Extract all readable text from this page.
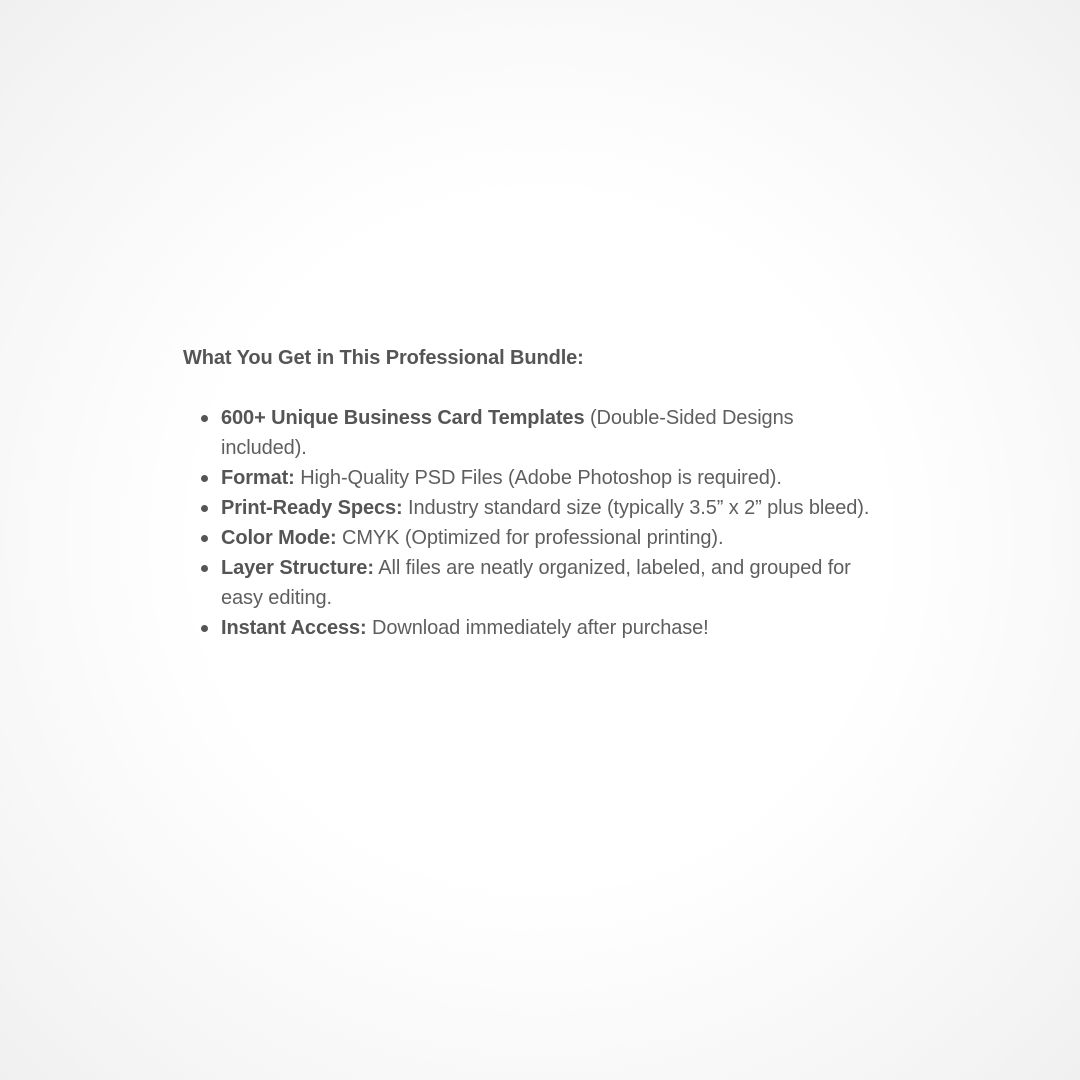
What You Get in This Professional Bundle:

600+ Unique Business Card Templates (Double-Sided Designs included).
Format: High-Quality PSD Files (Adobe Photoshop is required).
Print-Ready Specs: Industry standard size (typically 3.5” x 2” plus bleed).
Color Mode: CMYK (Optimized for professional printing).
Layer Structure: All files are neatly organized, labeled, and grouped for easy editing.
Instant Access: Download immediately after purchase!
